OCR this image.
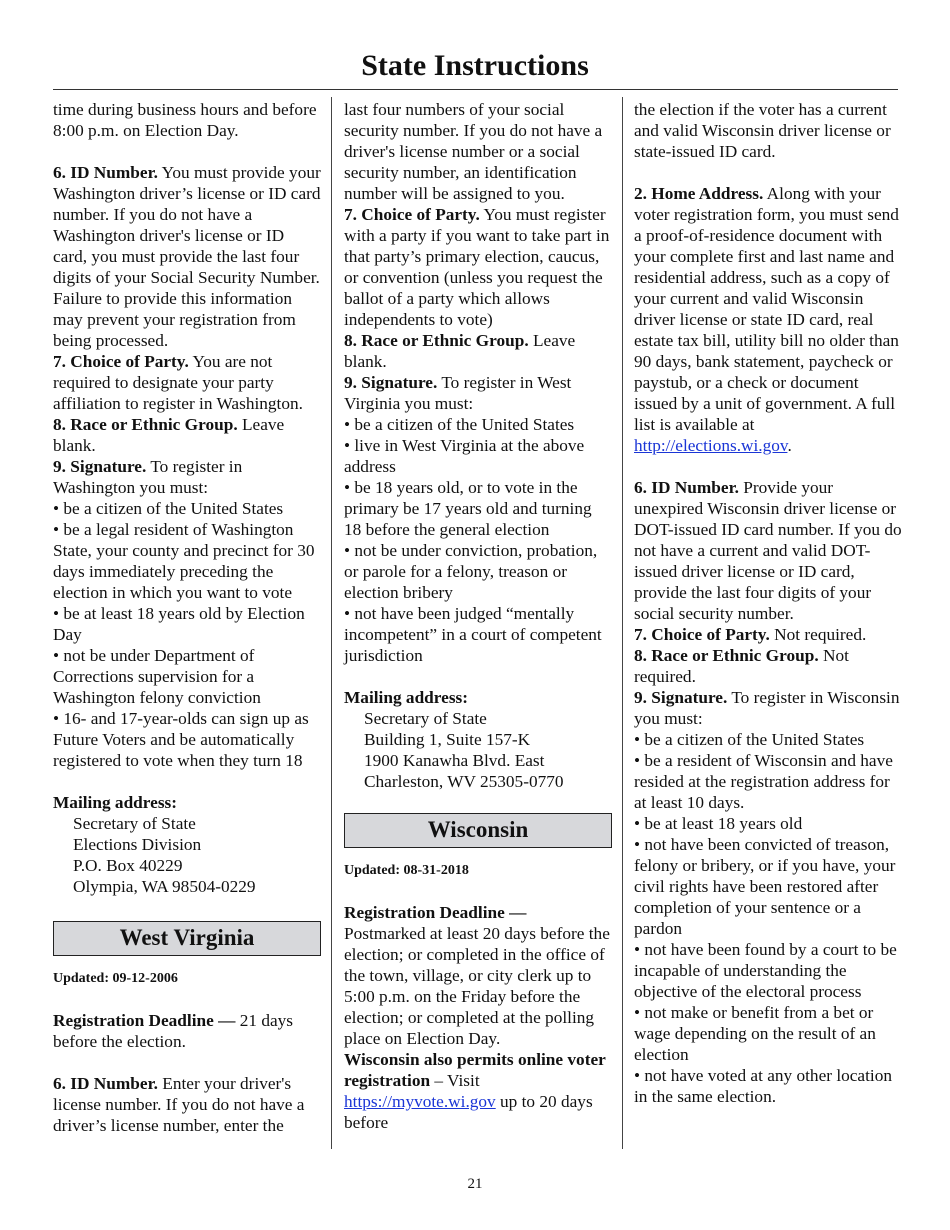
State Instructions

time during business hours and before 8:00 p.m. on Election Day.

6. ID Number. You must provide your Washington driver’s license or ID card number. If you do not have a Washington driver's license or ID card, you must provide the last four digits of your Social Security Number. Failure to provide this information may prevent your registration from being processed.

7. Choice of Party. You are not required to designate your party affiliation to register in Washington.

8. Race or Ethnic Group. Leave blank.

9. Signature. To register in Washington you must:

• be a citizen of the United States

• be a legal resident of Washington State, your county and precinct for 30 days immediately preceding the election in which you want to vote

• be at least 18 years old by Election Day

• not be under Department of Corrections supervision for a Washington felony conviction

• 16- and 17-year-olds can sign up as Future Voters and be automatically registered to vote when they turn 18

Mailing address:

Secretary of State

Elections Division

P.O. Box 40229

Olympia, WA 98504-0229

West Virginia

Updated: 09-12-2006

Registration Deadline — 21 days before the election.

6. ID Number. Enter your driver's license number. If you do not have a driver’s license number, enter the

last four numbers of your social security number. If you do not have a driver's license number or a social security number, an identification number will be assigned to you.

7. Choice of Party. You must register with a party if you want to take part in that party’s primary election, caucus, or convention (unless you request the ballot of a party which allows independents to vote)

8. Race or Ethnic Group. Leave blank.

9. Signature. To register in West Virginia you must:

• be a citizen of the United States

• live in West Virginia at the above address

• be 18 years old, or to vote in the primary be 17 years old and turning 18 before the general election

• not be under conviction, probation, or parole for a felony, treason or election bribery

• not have been judged “mentally incompetent” in a court of competent jurisdiction

Mailing address:

Secretary of State

Building 1, Suite 157-K

1900 Kanawha Blvd. East

Charleston, WV 25305-0770

Wisconsin

Updated: 08-31-2018

Registration Deadline —

Postmarked at least 20 days before the election; or completed in the office of the town, village, or city clerk up to 5:00 p.m. on the Friday before the election; or completed at the polling place on Election Day.

Wisconsin also permits online voter registration – Visit https://myvote.wi.gov up to 20 days before

the election if the voter has a current and valid Wisconsin driver license or state-issued ID card.

2. Home Address. Along with your voter registration form, you must send a proof-of-residence document with your complete first and last name and residential address, such as a copy of your current and valid Wisconsin driver license or state ID card, real estate tax bill, utility bill no older than 90 days, bank statement, paycheck or paystub, or a check or document issued by a unit of government. A full list is available at http://elections.wi.gov.

6. ID Number. Provide your unexpired Wisconsin driver license or DOT-issued ID card number. If you do not have a current and valid DOT-issued driver license or ID card, provide the last four digits of your social security number.

7. Choice of Party. Not required.

8. Race or Ethnic Group. Not required.

9. Signature. To register in Wisconsin you must:

• be a citizen of the United States

• be a resident of Wisconsin and have resided at the registration address for at least 10 days.

• be at least 18 years old

• not have been convicted of treason, felony or bribery, or if you have, your civil rights have been restored after completion of your sentence or a pardon

• not have been found by a court to be incapable of understanding the objective of the electoral process

• not make or benefit from a bet or wage depending on the result of an election

• not have voted at any other location in the same election.

21
